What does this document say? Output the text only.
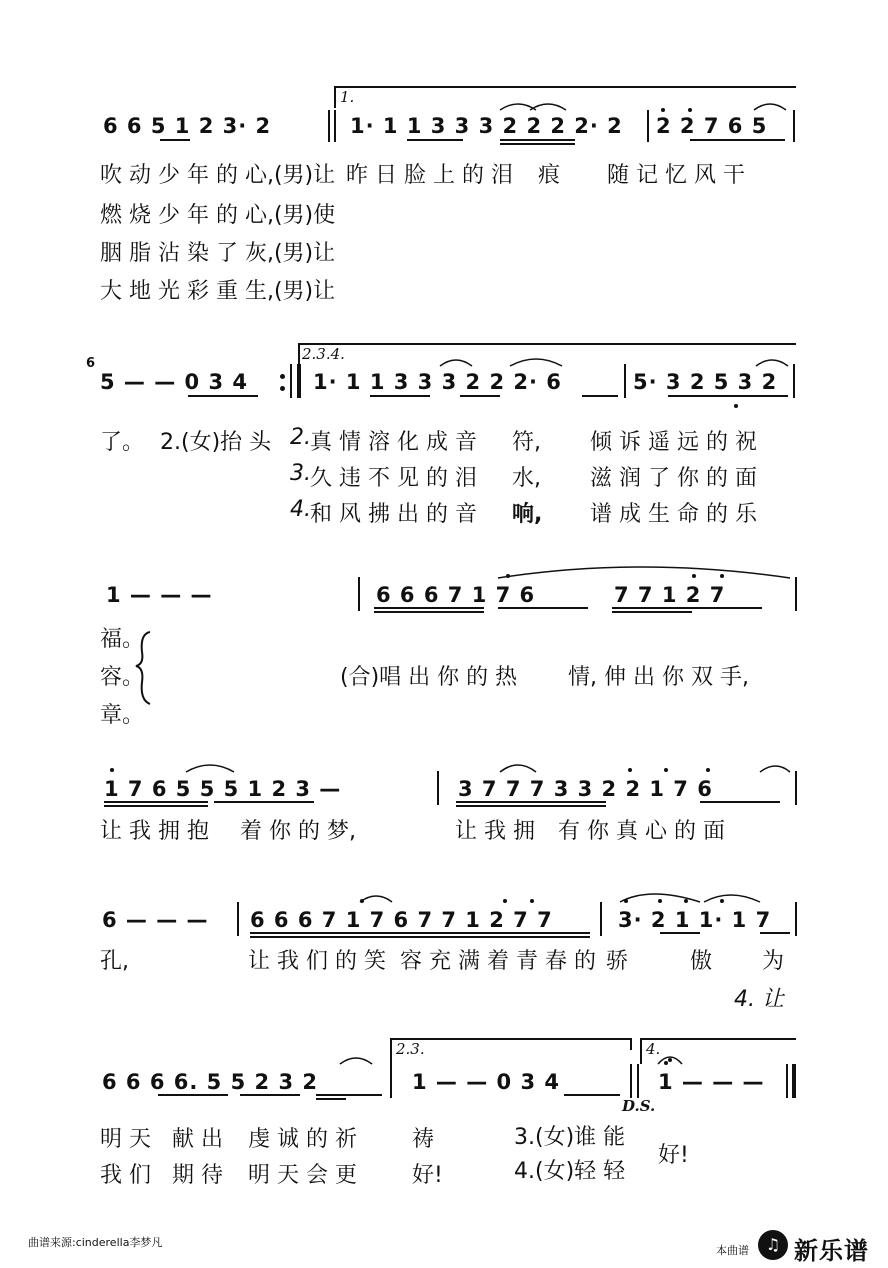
1.
6 6 5 1 2 3· 2	1· 1 1 3 3 3 2 2 2 2· 2 2 2 7 6 5
吹 动 少 年 的 心,(男)让 昨 日 脸 上 的 泪 痕 随 记 忆 风 干
燃 烧 少 年 的 心,(男)使
胭 脂 沾 染 了 灰,(男)让
大 地 光 彩 重 生,(男)让
2.3.4.
6
5 — — 0 3 4	1· 1 1 3 3 3 2 2 2· 6	5· 3 2 5 3 2
了。 2.(女)抬 头 2. 真 情 溶 化 成 音 符, 倾 诉 遥 远 的 祝
3. 久 违 不 见 的 泪 水, 滋 润 了 你 的 面
4. 和 风 拂 出 的 音 响, 谱 成 生 命 的 乐
1 — — —	6 6 6 7 1 7 6	7 7 1 2 7
福。
容。
章。
(合)唱 出 你 的 热 情, 伸 出 你 双 手,
1 7 6 5 5 5 1 2 3 —	3 7 7 7 3 3 2 2 1 7 6
让 我 拥 抱 着 你 的 梦,	让 我 拥 有 你 真 心 的 面
6 — — — 6 6 6 7 1 7 6 7 7 1 2 7 7	3· 2 1 1· 1 7
孔,	让 我 们 的 笑 容 充 满 着 青 春 的 骄	傲 为
4. 让
2.3.	4.
6 6 6 6. 5 5 2 3 2	1 — — 0 3 4	1 — — —
D.S.
明 天 献 出 虔 诚 的 祈	祷
我 们 期 待 明 天 会 更	好!
3.(女)谁 能
4.(女)轻 轻
好!
曲谱来源:cinderella李梦凡
本曲谱	♫ 新乐谱
